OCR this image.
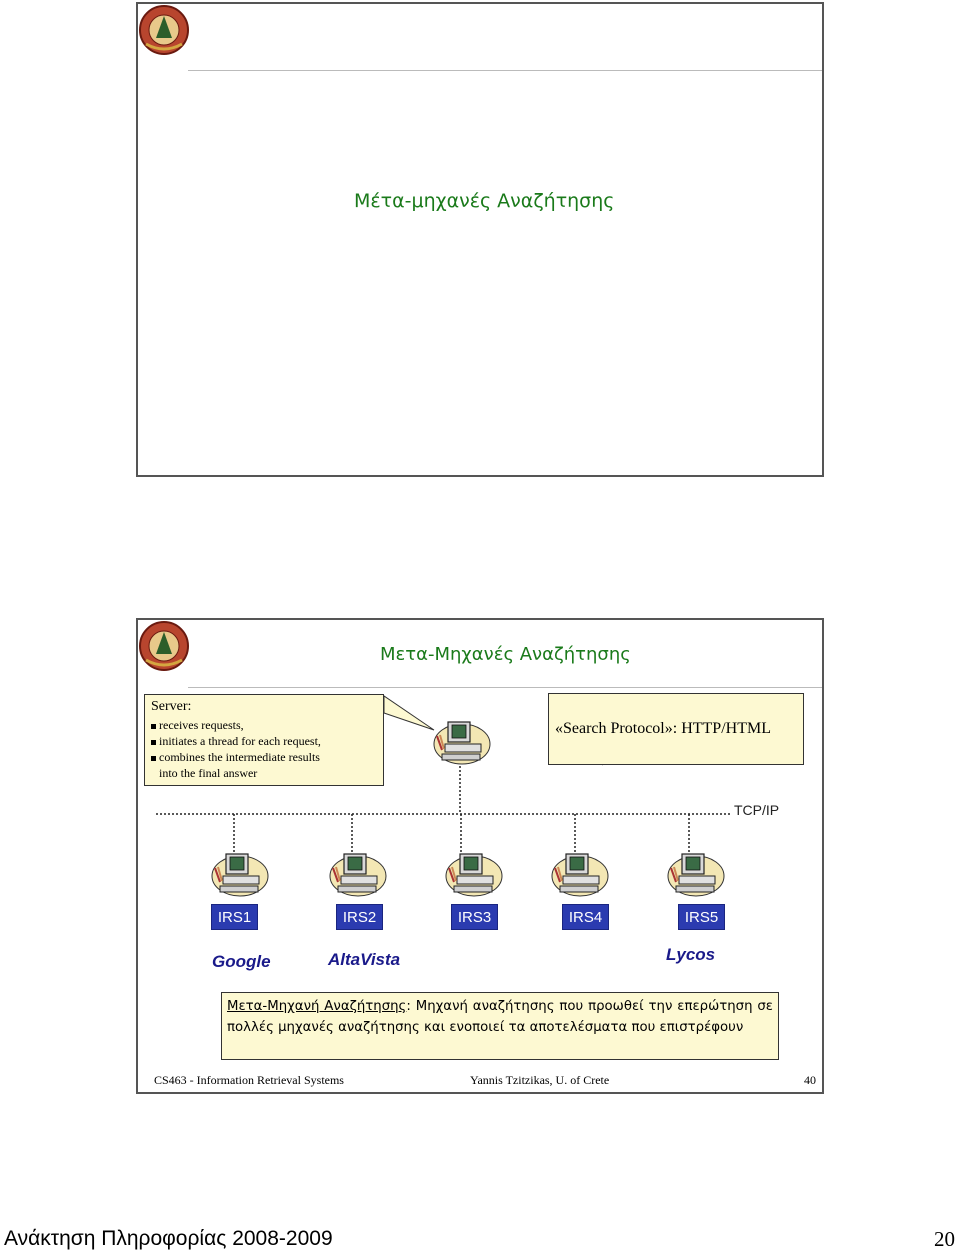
Μέτα-μηχανές Αναζήτησης
Μετα-Μηχανές Αναζήτησης
Server:
receives requests,
initiates a thread for each request,
combines the intermediate results
into the final answer
«Search Protocol»: HTTP/HTML
TCP/IP
IRS1	IRS2	IRS3	IRS4	IRS5
Google	AltaVista	Lycos
Μετα-Μηχανή Αναζήτησης: Μηχανή αναζήτησης που προωθεί την επερώτηση σε πολλές μηχανές αναζήτησης και ενοποιεί τα αποτελέσματα που επιστρέφουν
CS463 - Information Retrieval Systems	Yannis Tzitzikas, U. of Crete	40
Ανάκτηση Πληροφορίας 2008-2009	20
